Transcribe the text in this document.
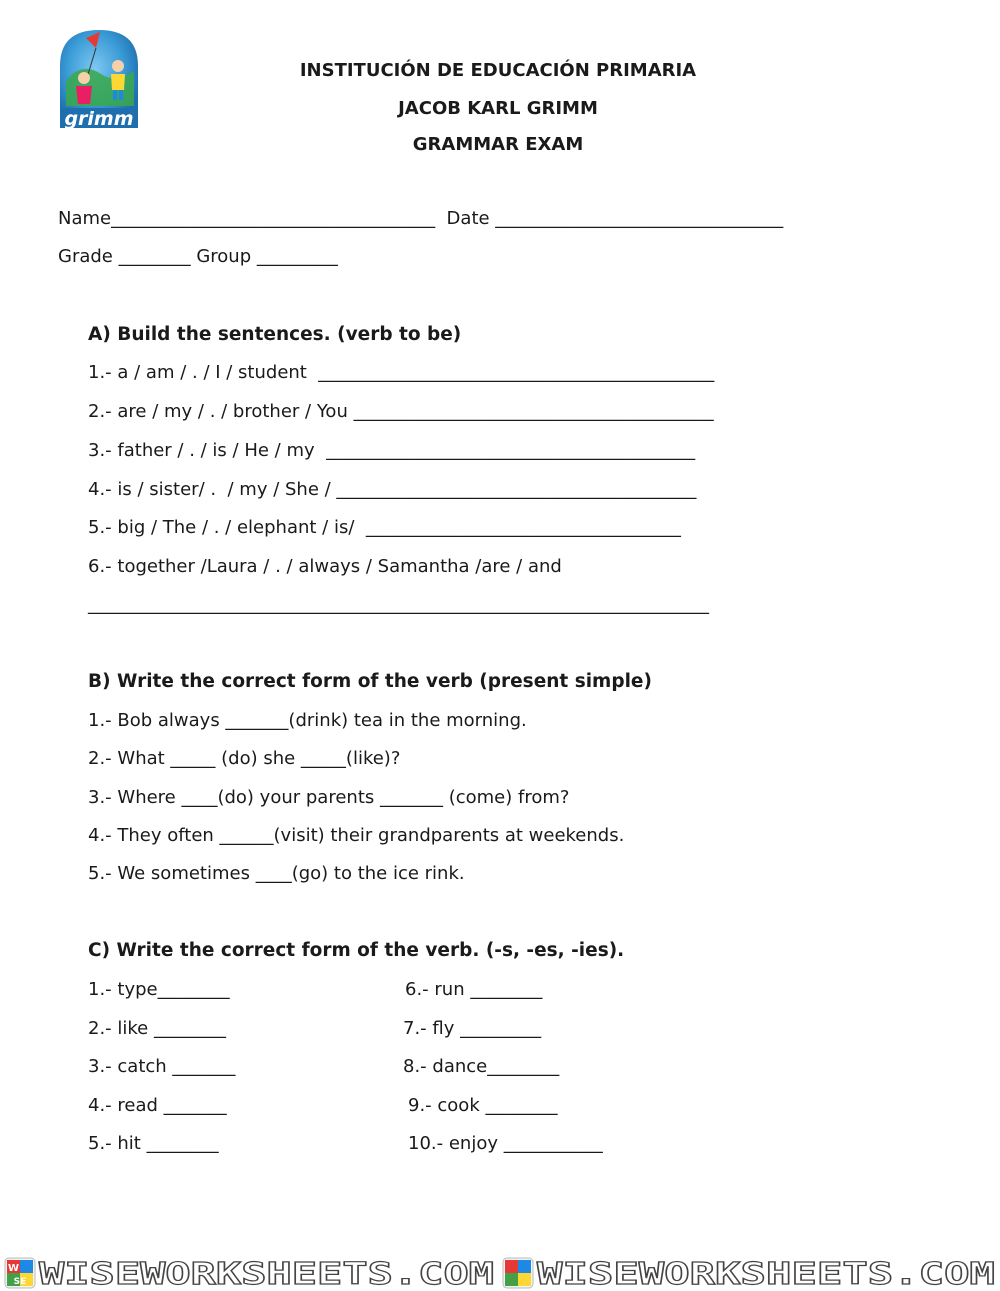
grimm
INSTITUCIÓN DE EDUCACIÓN PRIMARIA
JACOB KARL GRIMM
GRAMMAR EXAM
Name____________________________________  Date ________________________________
Grade ________ Group _________
A) Build the sentences. (verb to be)
1.- a / am / . / I / student  ____________________________________________
2.- are / my / . / brother / You ________________________________________
3.- father / . / is / He / my  _________________________________________
4.- is / sister/ .  / my / She / ________________________________________
5.- big / The / . / elephant / is/  ___________________________________
6.- together /Laura / . / always / Samantha /are / and
_____________________________________________________________________
B) Write the correct form of the verb (present simple)
1.- Bob always _______(drink) tea in the morning.
2.- What _____ (do) she _____(like)?
3.- Where ____(do) your parents _______ (come) from?
4.- They often ______(visit) their grandparents at weekends.
5.- We sometimes ____(go) to the ice rink.
C) Write the correct form of the verb. (-s, -es, -ies).
1.- type________
2.- like ________
3.- catch _______
4.- read _______
5.- hit ________
6.- run ________
7.- fly _________
8.- dance________
9.- cook ________
10.- enjoy ___________
W
SE WISEWORKSHEETS.COM WISEWORKSHEETS.COM
